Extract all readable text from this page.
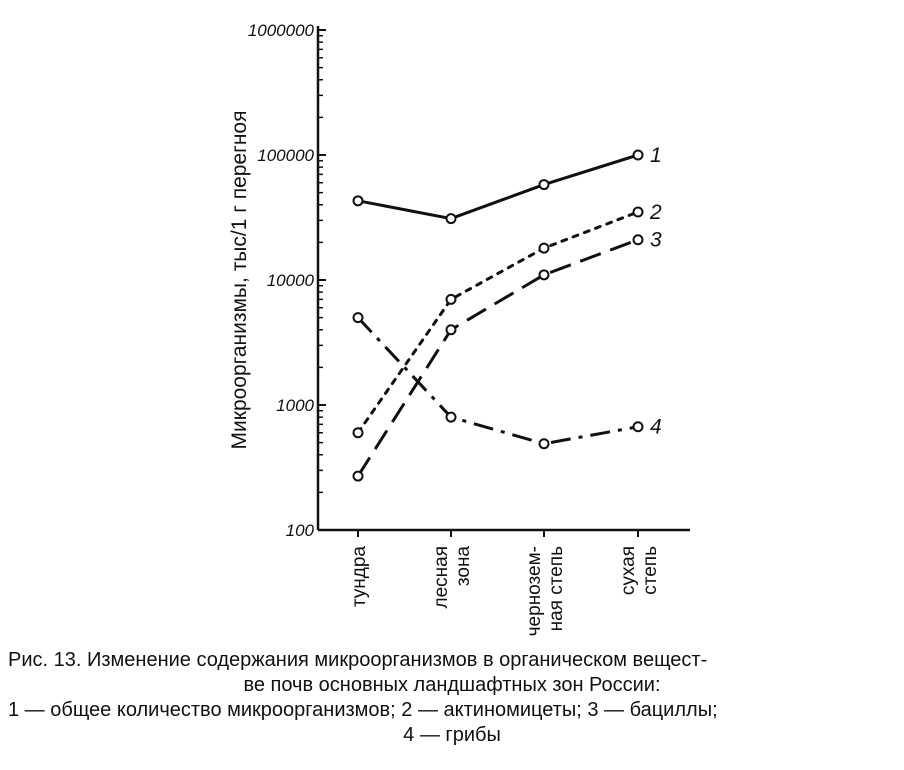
1000000
100000
10000
1000
100
Микроорганизмы, тыс/1 г перегноя
тундра	лесная зона	чернозем- ная степь	сухая степь
1
2
3
4
Рис. 13. Изменение содержания микроорганизмов в органическом вещест-
ве почв основных ландшафтных зон России:
1 — общее количество микроорганизмов; 2 — актиномицеты; 3 — бациллы;
4 — грибы
